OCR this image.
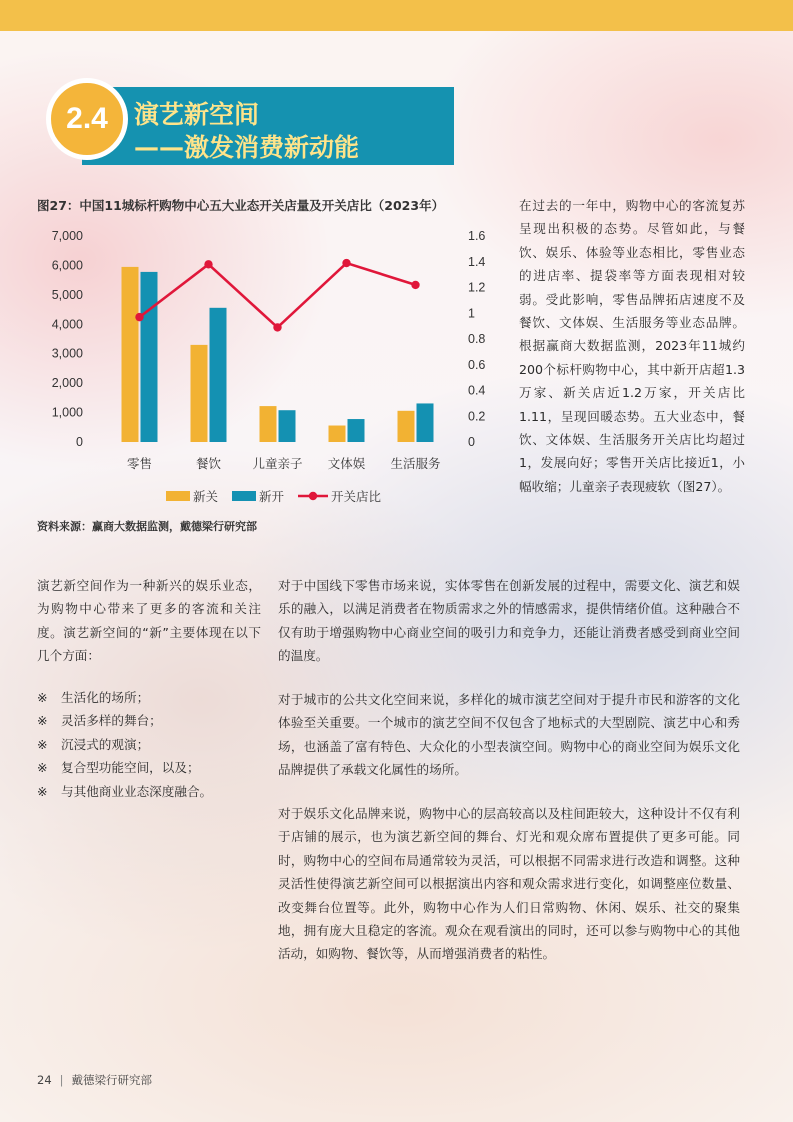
2.4 演艺新空间
——激发消费新动能
图27：中国11城标杆购物中心五大业态开关店量及开关店比（2023年）
7,000
6,000
5,000
4,000
3,000
2,000
1,000
0
1.6
1.4
1.2
1
0.8
0.6
0.4
0.2
0
零售	餐饮	儿童亲子 文体娱 生活服务
新关	新开	开关店比
资料来源：赢商大数据监测，戴德梁行研究部
在过去的一年中，购物中心的客流复苏呈现出积极的态势。尽管如此，与餐饮、娱乐、体验等业态相比，零售业态的进店率、提袋率等方面表现相对较弱。受此影响，零售品牌拓店速度不及餐饮、文体娱、生活服务等业态品牌。根据赢商大数据监测，2023年11城约200个标杆购物中心，其中新开店超1.3万家、新关店近1.2万家，开关店比1.11，呈现回暖态势。五大业态中，餐饮、文体娱、生活服务开关店比均超过1，发展向好；零售开关店比接近1，小幅收缩；儿童亲子表现疲软（图27）。
演艺新空间作为一种新兴的娱乐业态，为购物中心带来了更多的客流和关注度。演艺新空间的“新”主要体现在以下几个方面：
※ 生活化的场所；
※ 灵活多样的舞台；
※ 沉浸式的观演；
※ 复合型功能空间，以及；
※ 与其他商业业态深度融合。
对于中国线下零售市场来说，实体零售在创新发展的过程中，需要文化、演艺和娱乐的融入，以满足消费者在物质需求之外的情感需求，提供情绪价值。这种融合不仅有助于增强购物中心商业空间的吸引力和竞争力，还能让消费者感受到商业空间的温度。
对于城市的公共文化空间来说，多样化的城市演艺空间对于提升市民和游客的文化体验至关重要。一个城市的演艺空间不仅包含了地标式的大型剧院、演艺中心和秀场，也涵盖了富有特色、大众化的小型表演空间。购物中心的商业空间为娱乐文化品牌提供了承载文化属性的场所。
对于娱乐文化品牌来说，购物中心的层高较高以及柱间距较大，这种设计不仅有利于店铺的展示，也为演艺新空间的舞台、灯光和观众席布置提供了更多可能。同时，购物中心的空间布局通常较为灵活，可以根据不同需求进行改造和调整。这种灵活性使得演艺新空间可以根据演出内容和观众需求进行变化，如调整座位数量、改变舞台位置等。此外，购物中心作为人们日常购物、休闲、娱乐、社交的聚集地，拥有庞大且稳定的客流。观众在观看演出的同时，还可以参与购物中心的其他活动，如购物、餐饮等，从而增强消费者的粘性。
24 | 戴德梁行研究部
